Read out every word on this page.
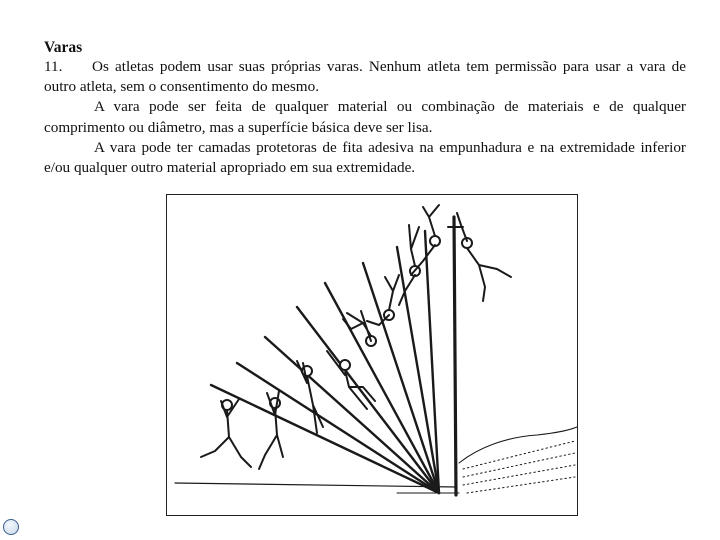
Varas

11. Os atletas podem usar suas próprias varas. Nenhum atleta tem permissão para usar a vara de outro atleta, sem o consentimento do mesmo.

A vara pode ser feita de qualquer material ou combinação de materiais e de qualquer comprimento ou diâmetro, mas a superfície básica deve ser lisa.

A vara pode ter camadas protetoras de fita adesiva na empunhadura e na extremidade inferior e/ou qualquer outro material apropriado em sua extremidade.
